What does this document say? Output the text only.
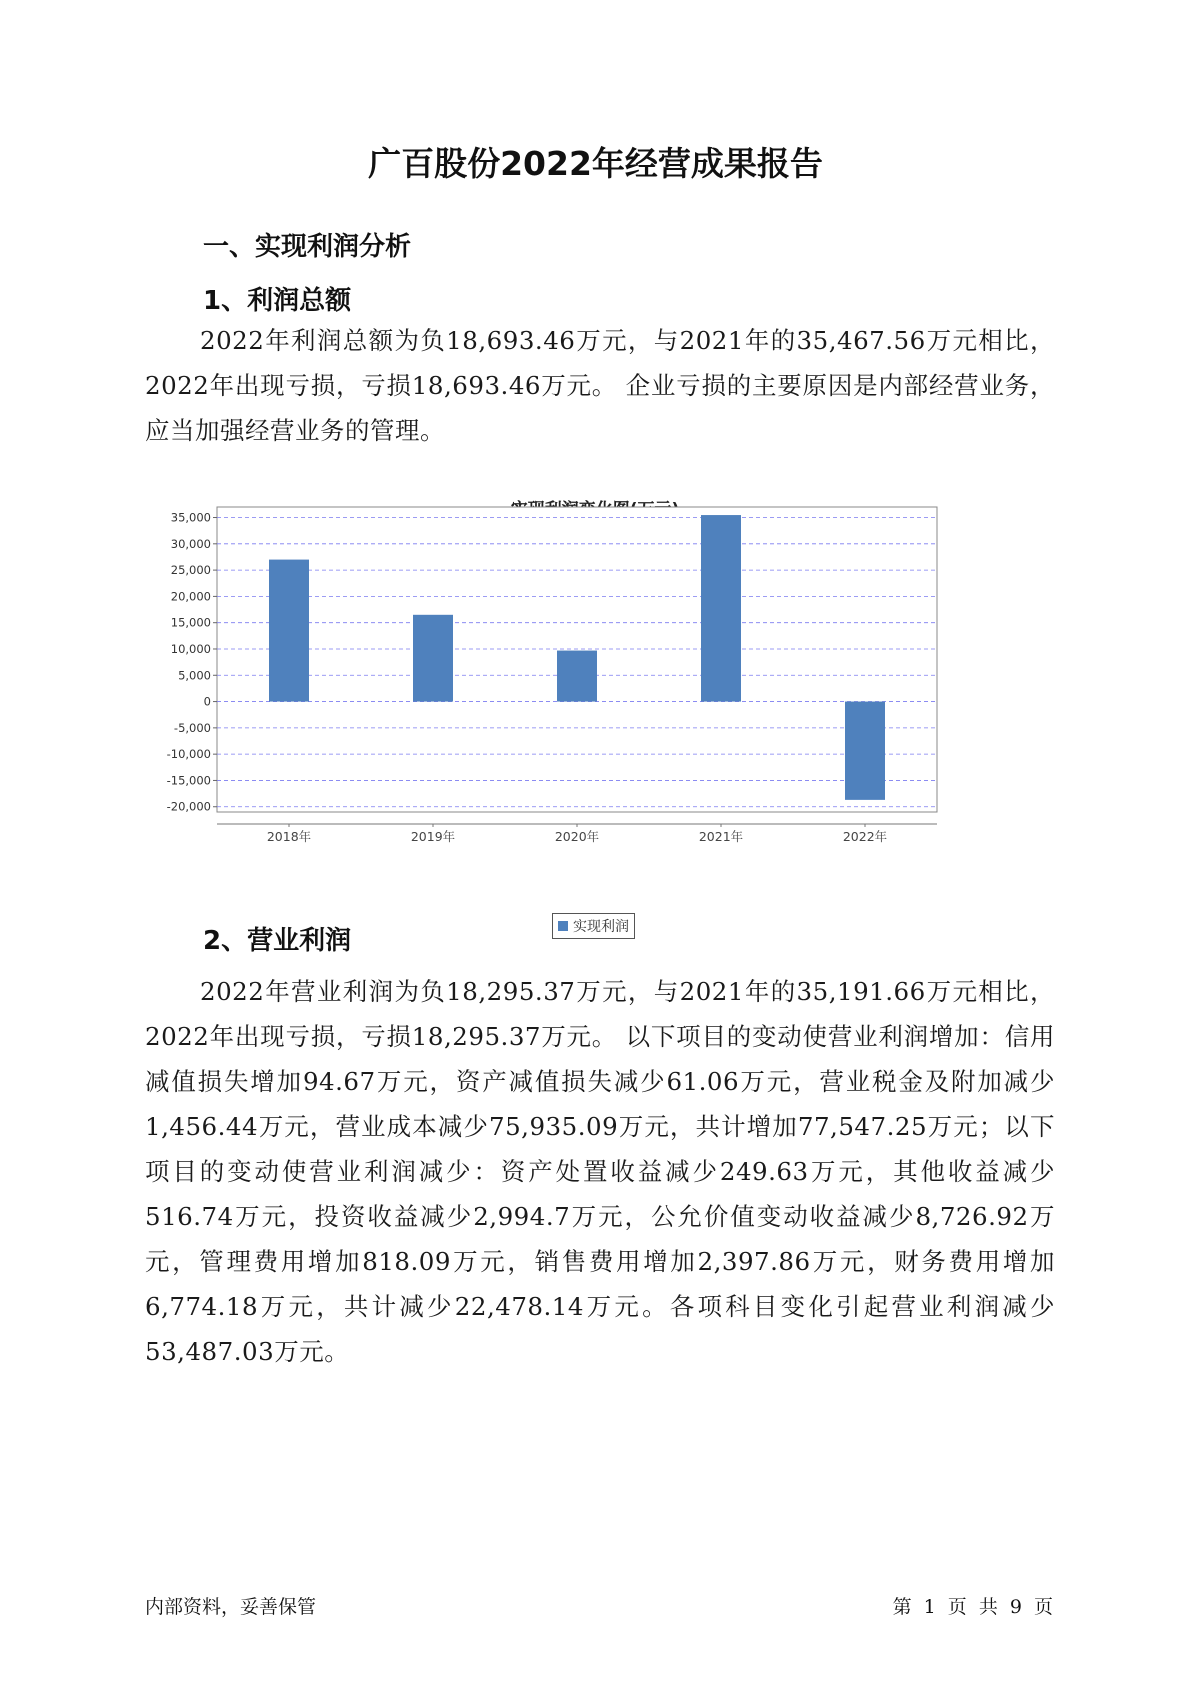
广百股份2022年经营成果报告
一、实现利润分析
1、利润总额
2022年利润总额为负18,693.46万元，与2021年的35,467.56万元相比，2022年出现亏损，亏损18,693.46万元。 企业亏损的主要原因是内部经营业务，应当加强经营业务的管理。
35,000
30,000
25,000
20,000
15,000
10,000
5,000
0
-5,000
-10,000
-15,000
-20,000
2018年	2019年	2020年	2021年	2022年
实现利润
2、营业利润
2022年营业利润为负18,295.37万元，与2021年的35,191.66万元相比，2022年出现亏损，亏损18,295.37万元。 以下项目的变动使营业利润增加：信用减值损失增加94.67万元，资产减值损失减少61.06万元，营业税金及附加减少1,456.44万元，营业成本减少75,935.09万元，共计增加77,547.25万元；以下项目的变动使营业利润减少：资产处置收益减少249.63万元，其他收益减少516.74万元，投资收益减少2,994.7万元，公允价值变动收益减少8,726.92万元，管理费用增加818.09万元，销售费用增加2,397.86万元，财务费用增加6,774.18万元，共计减少22,478.14万元。各项科目变化引起营业利润减少53,487.03万元。
内部资料，妥善保管	第 1 页 共 9 页
